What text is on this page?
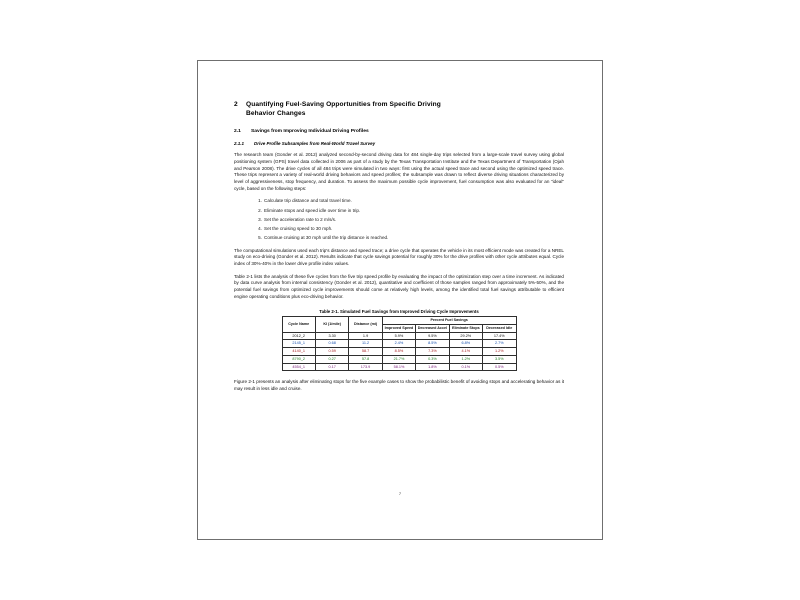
2 Quantifying Fuel-Saving Opportunities from Specific Driving
Behavior Changes
2.1 Savings from Improving Individual Driving Profiles
2.1.1 Drive Profile Subsamples from Real-World Travel Survey

The research team (Gonder et al. 2012) analyzed second-by-second driving data for 484 single-day trips selected from a large-scale travel survey using global positioning system (GPS) travel data collected in 2006 as part of a study by the Texas Transportation Institute and the Texas Department of Transportation (Ojah and Pearson 2008). The drive cycles of all 484 trips were simulated in two ways: first using the actual speed trace and second using the optimized speed trace. These trips represent a variety of real-world driving behaviors and speed profiles; the subsample was drawn to reflect diverse driving situations characterized by level of aggressiveness, stop frequency, and duration. To assess the maximum possible cycle improvement, fuel consumption was also evaluated for an "ideal" cycle, based on the following steps:

Calculate trip distance and total travel time.
Eliminate stops and speed idle over time in trip.
Set the acceleration rate to 2 m/s/s.
Set the cruising speed to 30 mph.
Continue cruising at 30 mph until the trip distance is reached.

The computational simulations used each trip's distance and speed trace; a drive cycle that operates the vehicle in its most efficient mode was created for a NREL study on eco-driving (Gonder et al. 2012). Results indicate that cycle savings potential for roughly 30% for the drive profiles with other cycle attributes equal. Cycle index of 30%-40% in the lower drive profile index values.

Table 2-1 lists the analysis of these five cycles from the five trip speed profile by evaluating the impact of the optimization step over a time increment. As indicated by data curve analysis from internal consistency (Gonder et al. 2012), quantitative and coefficient of those samples ranged from approximately 5%-50%, and the potential fuel savings from optimized cycle improvements should come at relatively high levels, among the identified total fuel savings attributable to efficient engine operating conditions plus eco-driving behavior.

Table 2-1. Simulated Fuel Savings from Improved Driving Cycle Improvements
Cycle Name	KI (1/mile)	Distance (mi)	Percent Fuel Savings			
			Improved Speed	Decreased Accel	Eliminate Stops	Decreased Idle
2012_2	3.30	1.9	5.9%	9.5%	29.2%	17.4%
2145_1	0.68	11.2	2.4%	8.5%	6.8%	2.7%
4140_1	0.59	58.7	8.5%	7.3%	4.1%	1.2%
8790_2	0.27	57.8	21.7%	0.3%	1.2%	3.5%
4554_1	0.17	173.9	58.1%	1.8%	0.1%	0.5%

Figure 2-1 presents an analysis after eliminating stops for the five example cases to show the probabilistic benefit of avoiding stops and accelerating behavior as it may result in less idle and cruise.

7
